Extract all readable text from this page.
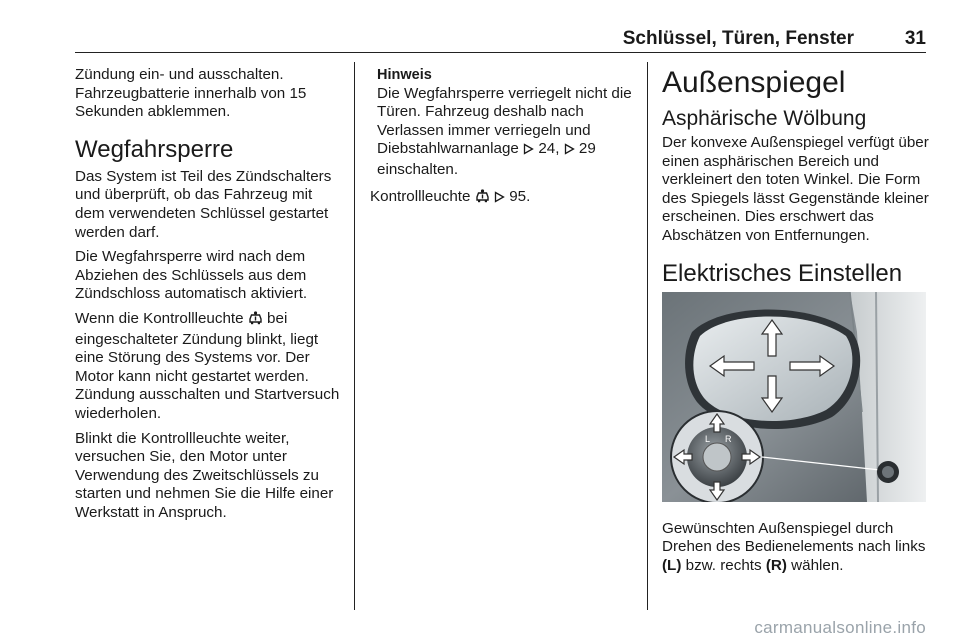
Schlüssel, Türen, Fenster	31

Zündung ein- und ausschalten. Fahrzeugbatterie innerhalb von 15 Sekunden abklemmen.

Wegfahrsperre

Das System ist Teil des Zündschalters und überprüft, ob das Fahrzeug mit dem verwendeten Schlüssel gestartet werden darf.

Die Wegfahrsperre wird nach dem Abziehen des Schlüssels aus dem Zündschloss automatisch aktiviert.

Wenn die Kontrollleuchte bei eingeschalteter Zündung blinkt, liegt eine Störung des Systems vor. Der Motor kann nicht gestartet werden. Zündung ausschalten und Startversuch wiederholen.

Blinkt die Kontrollleuchte weiter, versuchen Sie, den Motor unter Verwendung des Zweitschlüssels zu starten und nehmen Sie die Hilfe einer Werkstatt in Anspruch.

Hinweis
Die Wegfahrsperre verriegelt nicht die Türen. Fahrzeug deshalb nach Verlassen immer verriegeln und Diebstahlwarnanlage 24, 29 einschalten.

Kontrollleuchte	95.

Außenspiegel
Asphärische Wölbung

Der konvexe Außenspiegel verfügt über einen asphärischen Bereich und verkleinert den toten Winkel. Die Form des Spiegels lässt Gegenstände kleiner erscheinen. Dies erschwert das Abschätzen von Entfernungen.

Elektrisches Einstellen
L R

Gewünschten Außenspiegel durch Drehen des Bedienelements nach links (L) bzw. rechts (R) wählen.

carmanualsonline.info
